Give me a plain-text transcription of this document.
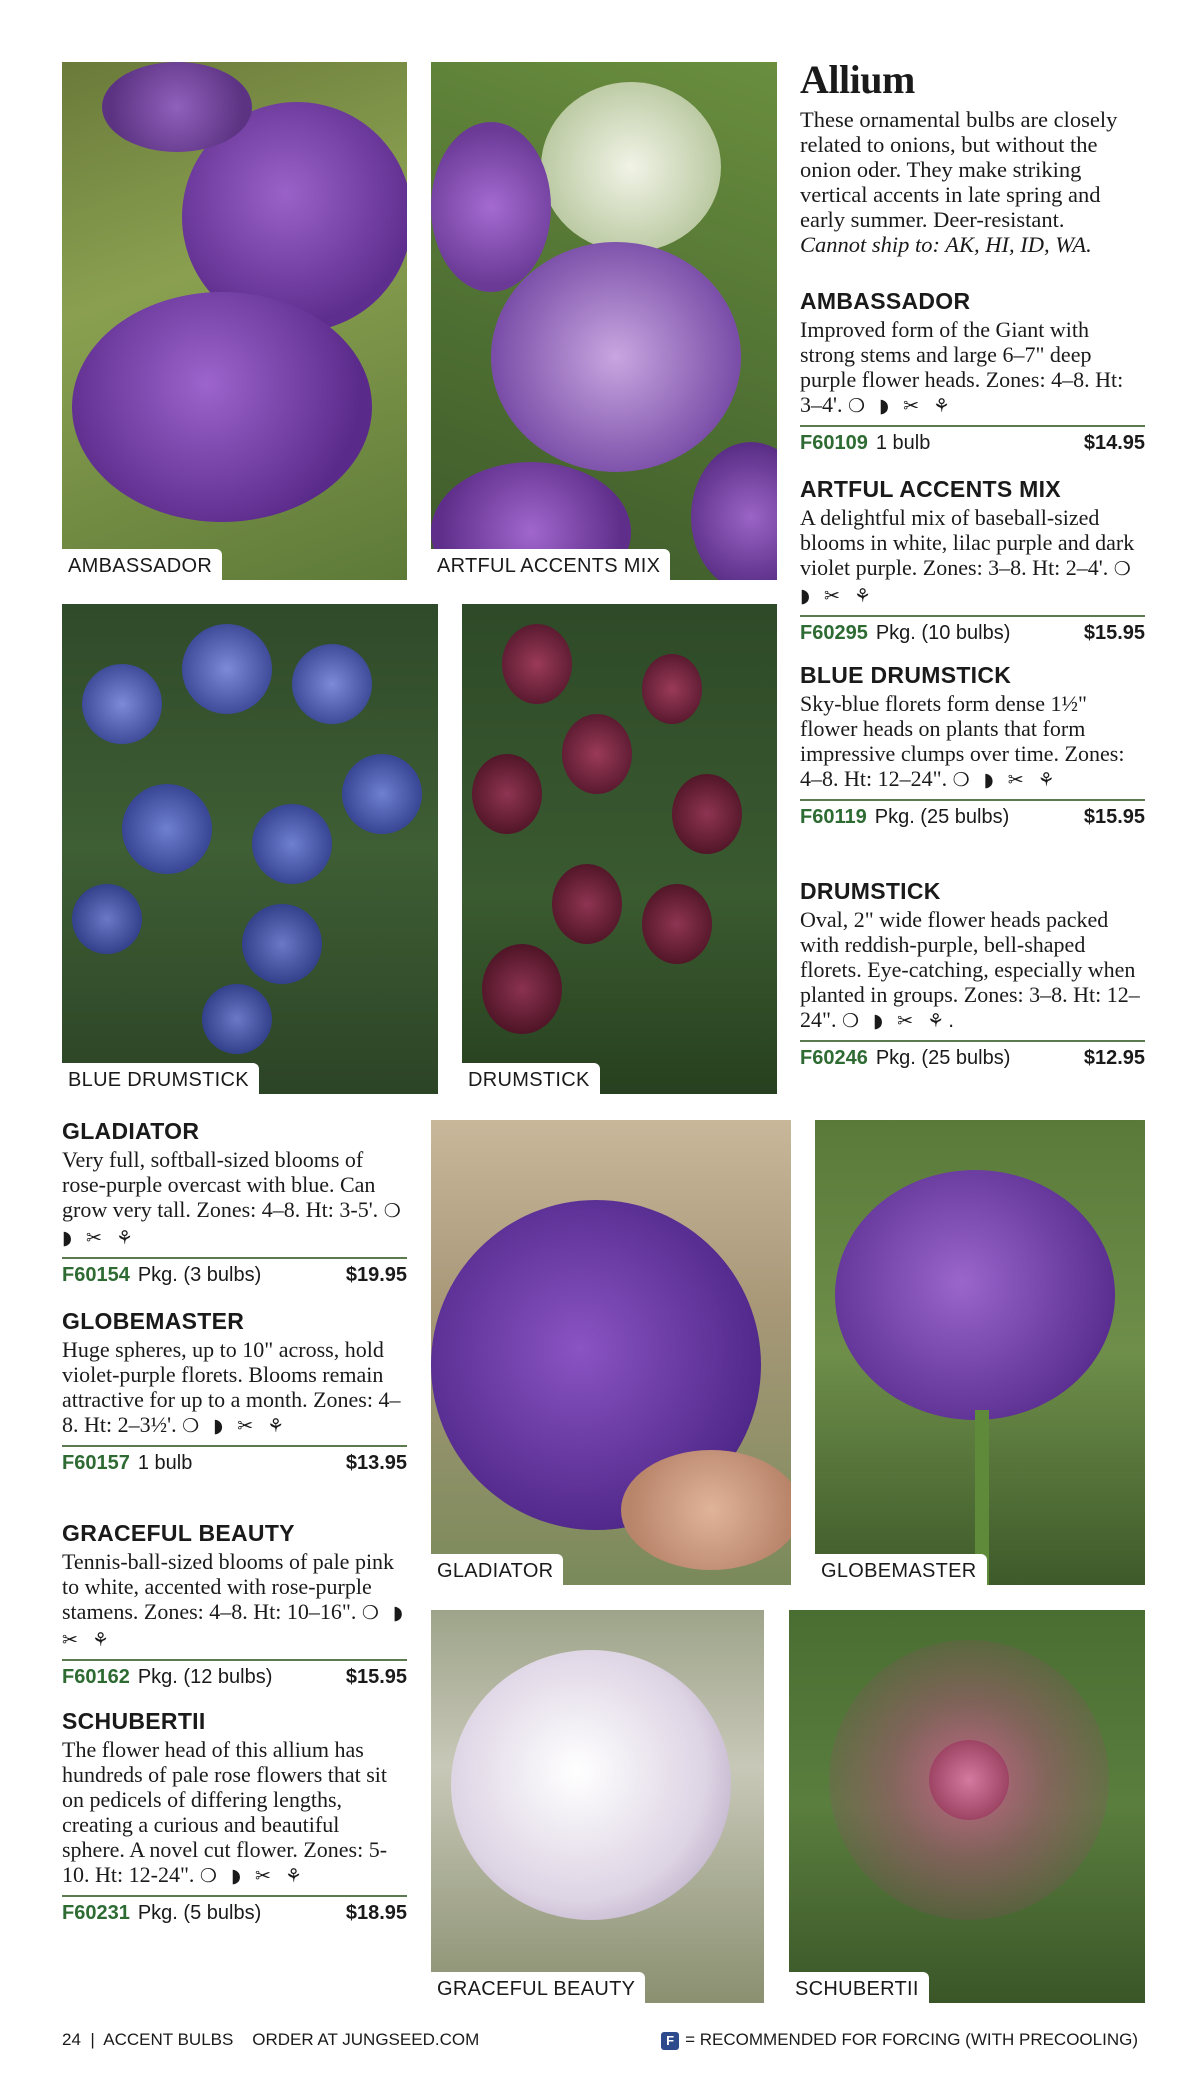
AMBASSADOR	ARTFUL ACCENTS MIX
BLUE DRUMSTICK	DRUMSTICK
GLADIATOR	GLOBEMASTER
GRACEFUL BEAUTY	SCHUBERTII
Allium
These ornamental bulbs are closely related to onions, but without the onion oder. They make striking vertical accents in late spring and early summer. Deer-resistant.
Cannot ship to: AK, HI, ID, WA.
AMBASSADOR
Improved form of the Giant with strong stems and large 6–7" deep purple flower heads. Zones: 4–8. Ht: 3–4'. ❍ ◗ ✂ ⚘
F60109 1 bulb	$14.95
ARTFUL ACCENTS MIX
A delightful mix of baseball-sized blooms in white, lilac purple and dark violet purple. Zones: 3–8. Ht: 2–4'. ❍ ◗ ✂ ⚘
F60295 Pkg. (10 bulbs)	$15.95
BLUE DRUMSTICK
Sky-blue florets form dense 1½" flower heads on plants that form impressive clumps over time. Zones: 4–8. Ht: 12–24". ❍ ◗ ✂ ⚘
F60119 Pkg. (25 bulbs)	$15.95
DRUMSTICK
Oval, 2" wide flower heads packed with reddish-purple, bell-shaped florets. Eye-catching, especially when planted in groups. Zones: 3–8. Ht: 12–24". ❍ ◗ ✂ ⚘.
F60246 Pkg. (25 bulbs)	$12.95
GLADIATOR
Very full, softball-sized blooms of rose-purple overcast with blue. Can grow very tall. Zones: 4–8. Ht: 3-5'. ❍ ◗ ✂ ⚘
F60154 Pkg. (3 bulbs)	$19.95
GLOBEMASTER
Huge spheres, up to 10" across, hold violet-purple florets. Blooms remain attractive for up to a month. Zones: 4–8. Ht: 2–3½'. ❍ ◗ ✂ ⚘
F60157 1 bulb	$13.95
GRACEFUL BEAUTY
Tennis-ball-sized blooms of pale pink to white, accented with rose-purple stamens. Zones: 4–8. Ht: 10–16". ❍ ◗ ✂ ⚘
F60162 Pkg. (12 bulbs)	$15.95
SCHUBERTII
The flower head of this allium has hundreds of pale rose flowers that sit on pedicels of differing lengths, creating a curious and beautiful sphere. A novel cut flower. Zones: 5-10. Ht: 12-24". ❍ ◗ ✂ ⚘
F60231 Pkg. (5 bulbs)	$18.95
24  |  ACCENT BULBS    ORDER AT JUNGSEED.COM	F = RECOMMENDED FOR FORCING (WITH PRECOOLING)
